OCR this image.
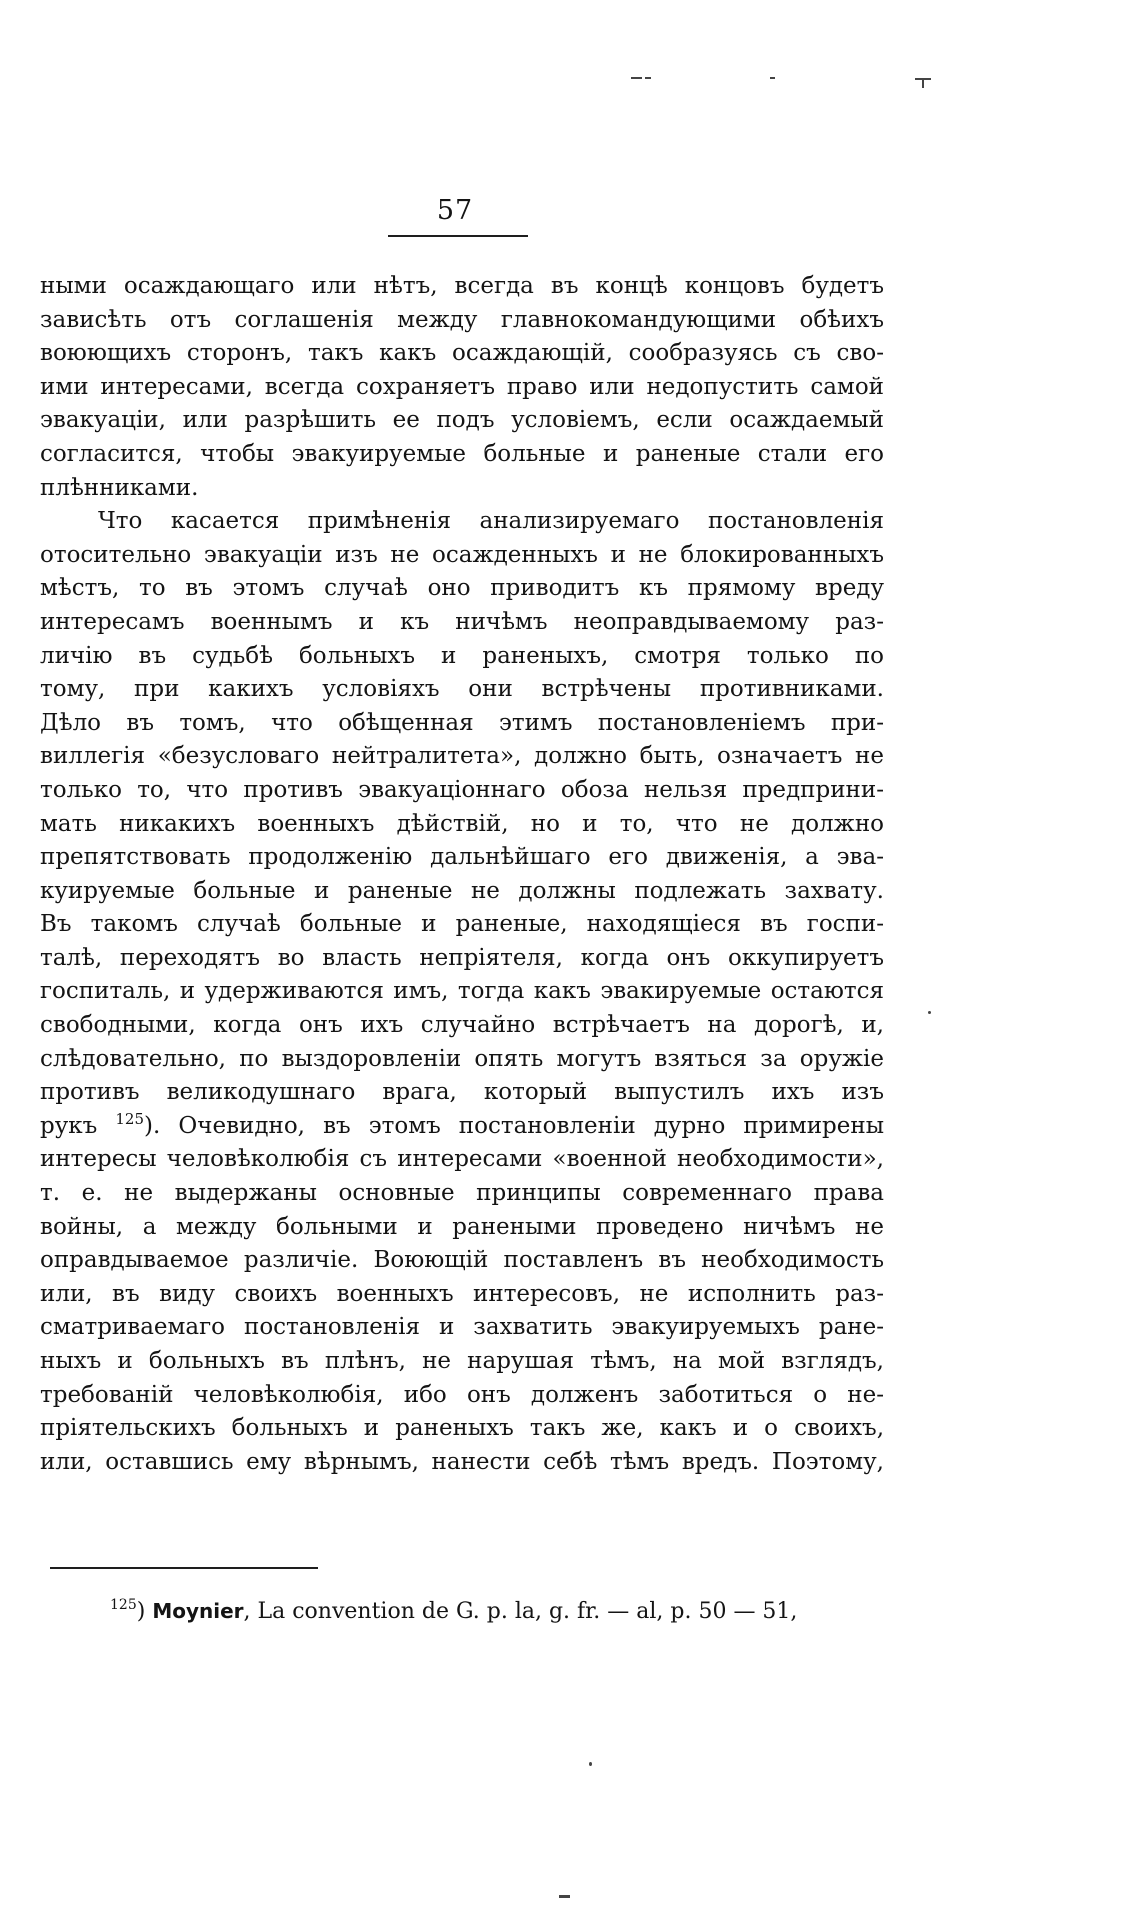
57
ными осаждающаго или нѣтъ, всегда въ концѣ концовъ будетъ
зависѣть отъ соглашенія между главнокомандующими обѣихъ
воюющихъ сторонъ, такъ какъ осаждающій, сообразуясь съ сво-
ими интересами, всегда сохраняетъ право или недопустить самой
эвакуаціи, или разрѣшить ее подъ условіемъ, если осаждаемый
согласится, чтобы эвакуируемые больные и раненые стали его
плѣнниками.
Что касается примѣненія анализируемаго постановленія
отосительно эвакуаціи изъ не осажденныхъ и не блокированныхъ
мѣстъ, то въ этомъ случаѣ оно приводитъ къ прямому вреду
интересамъ военнымъ и къ ничѣмъ неоправдываемому раз-
личію въ судьбѣ больныхъ и раненыхъ, смотря только по
тому, при какихъ условіяхъ они встрѣчены противниками.
Дѣло въ томъ, что обѣщенная этимъ постановленіемъ при-
виллегія «безусловаго нейтралитета», должно быть, означаетъ не
только то, что противъ эвакуаціоннаго обоза нельзя предприни-
мать никакихъ военныхъ дѣйствій, но и то, что не должно
препятствовать продолженію дальнѣйшаго его движенія, а эва-
куируемые больные и раненые не должны подлежать захвату.
Въ такомъ случаѣ больные и раненые, находящіеся въ госпи-
талѣ, переходятъ во власть непріятеля, когда онъ оккупируетъ
госпиталь, и удерживаются имъ, тогда какъ эвакируемые остаются
свободными, когда онъ ихъ случайно встрѣчаетъ на дорогѣ, и,
слѣдовательно, по выздоровленіи опять могутъ взяться за оружіе
противъ великодушнаго врага, который выпустилъ ихъ изъ
рукъ $^{125}$). Очевидно, въ этомъ постановленіи дурно примирены
интересы человѣколюбія съ интересами «военной необходимости»,
т. е. не выдержаны основные принципы современнаго права
войны, а между больными и ранеными проведено ничѣмъ не
оправдываемое различіе. Воюющій поставленъ въ необходимость
или, въ виду своихъ военныхъ интересовъ, не исполнить раз-
сматриваемаго постановленія и захватить эвакуируемыхъ ране-
ныхъ и больныхъ въ плѣнъ, не нарушая тѣмъ, на мой взглядъ,
требованій человѣколюбія, ибо онъ долженъ заботиться о не-
пріятельскихъ больныхъ и раненыхъ такъ же, какъ и о своихъ,
или, оставшись ему вѣрнымъ, нанести себѣ тѣмъ вредъ. Поэтому,
$^{125}$) Moynier, La convention de G. p. la, g. fr. — al, p. 50 — 51,
